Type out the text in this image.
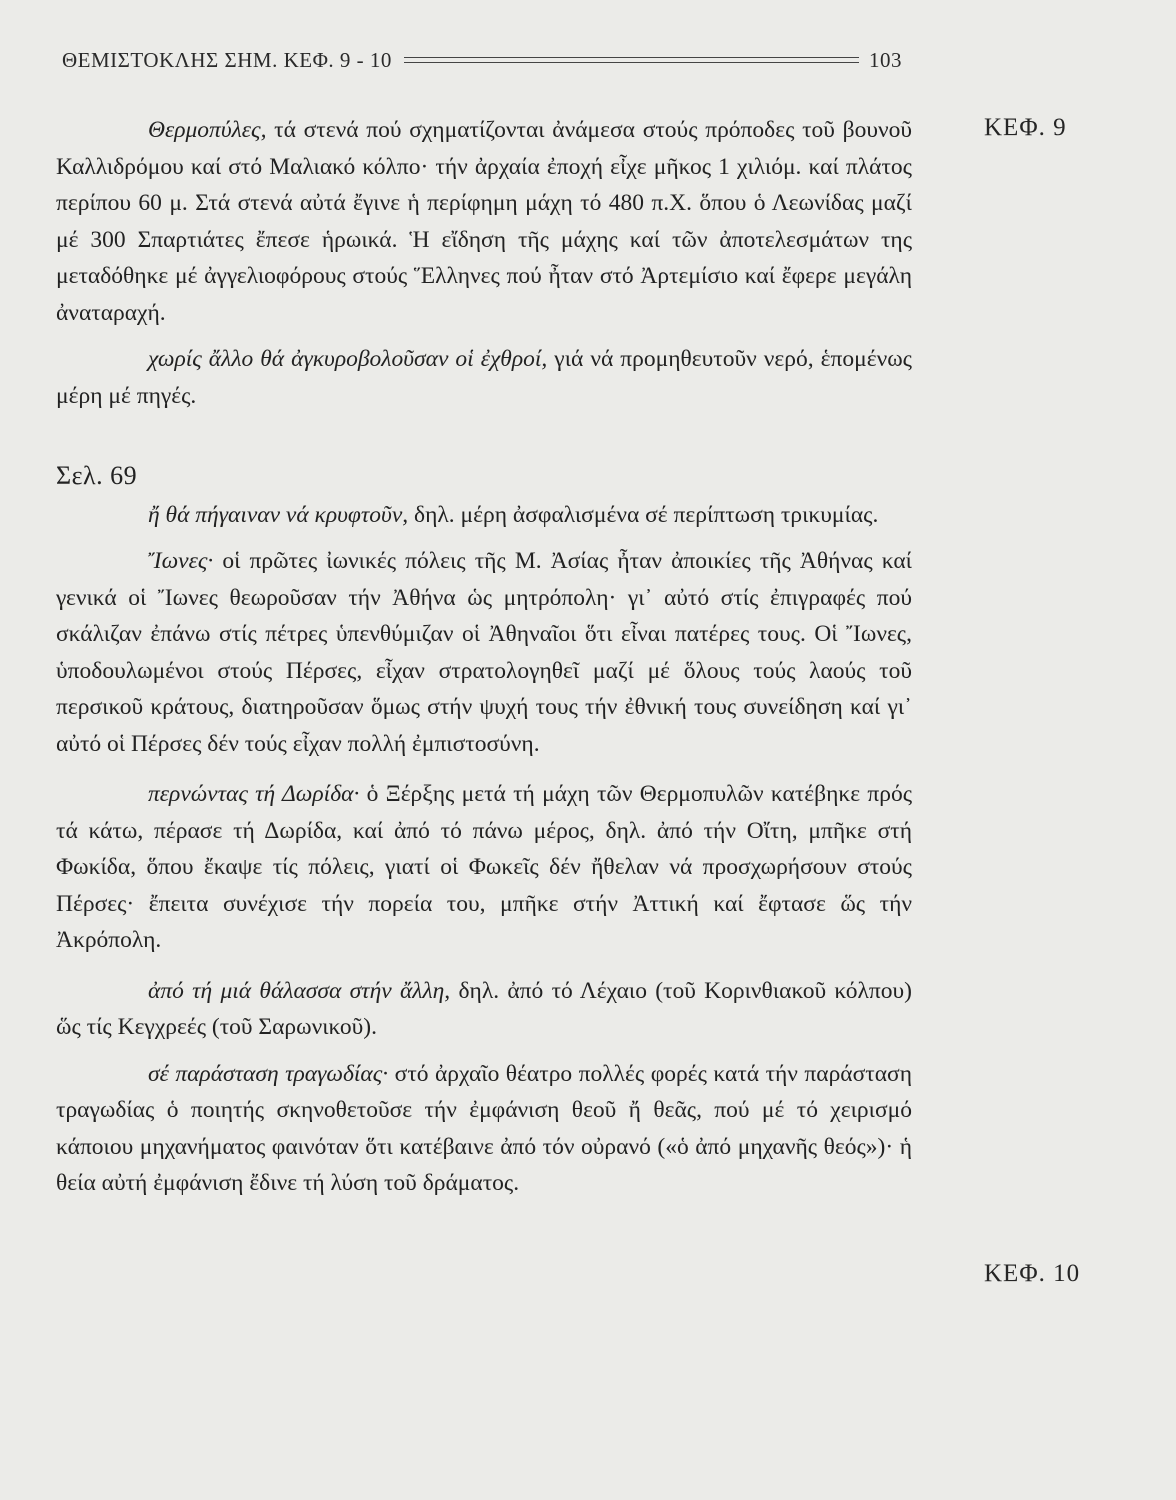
ΘΕΜΙΣΤΟΚΛΗΣ ΣΗΜ. ΚΕΦ. 9 - 10	103
ΚΕΦ. 9
ΚΕΦ. 10

Θερμοπύλες, τά στενά πού σχηματίζονται ἀνάμεσα στούς πρόποδες τοῦ βουνοῦ Καλλιδρόμου καί στό Μαλιακό κόλπο· τήν ἀρχαία ἐποχή εἶχε μῆκος 1 χιλιόμ. καί πλάτος περίπου 60 μ. Στά στενά αὐτά ἔγινε ἡ περίφημη μάχη τό 480 π.Χ. ὅπου ὁ Λεωνίδας μαζί μέ 300 Σπαρτιάτες ἔπεσε ἡρωικά. Ἡ εἴδηση τῆς μάχης καί τῶν ἀποτελεσμάτων της μεταδόθηκε μέ ἀγγελιοφόρους στούς Ἕλληνες πού ἦταν στό Ἀρτεμίσιο καί ἔφερε μεγάλη ἀναταραχή.

χωρίς ἄλλο θά ἀγκυροβολοῦσαν οἱ ἐχθροί, γιά νά προμηθευτοῦν νερό, ἑπομένως μέρη μέ πηγές.

Σελ. 69

ἤ θά πήγαιναν νά κρυφτοῦν, δηλ. μέρη ἀσφαλισμένα σέ περίπτωση τρικυμίας.

Ἴωνες· οἱ πρῶτες ἰωνικές πόλεις τῆς Μ. Ἀσίας ἦταν ἀποικίες τῆς Ἀθήνας καί γενικά οἱ Ἴωνες θεωροῦσαν τήν Ἀθήνα ὡς μητρόπολη· γι᾿ αὐτό στίς ἐπιγραφές πού σκάλιζαν ἐπάνω στίς πέτρες ὑπενθύμιζαν οἱ Ἀθηναῖοι ὅτι εἶναι πατέρες τους. Οἱ Ἴωνες, ὑποδουλωμένοι στούς Πέρσες, εἶχαν στρατολογηθεῖ μαζί μέ ὅλους τούς λαούς τοῦ περσικοῦ κράτους, διατηροῦσαν ὅμως στήν ψυχή τους τήν ἐθνική τους συνείδηση καί γι᾿ αὐτό οἱ Πέρσες δέν τούς εἶχαν πολλή ἐμπιστοσύνη.

περνώντας τή Δωρίδα· ὁ Ξέρξης μετά τή μάχη τῶν Θερμοπυλῶν κατέβηκε πρός τά κάτω, πέρασε τή Δωρίδα, καί ἀπό τό πάνω μέρος, δηλ. ἀπό τήν Οἴτη, μπῆκε στή Φωκίδα, ὅπου ἔκαψε τίς πόλεις, γιατί οἱ Φωκεῖς δέν ἤθελαν νά προσχωρήσουν στούς Πέρσες· ἔπειτα συνέχισε τήν πορεία του, μπῆκε στήν Ἀττική καί ἔφτασε ὥς τήν Ἀκρόπολη.

ἀπό τή μιά θάλασσα στήν ἄλλη, δηλ. ἀπό τό Λέχαιο (τοῦ Κορινθιακοῦ κόλπου) ὥς τίς Κεγχρεές (τοῦ Σαρωνικοῦ).

σέ παράσταση τραγωδίας· στό ἀρχαῖο θέατρο πολλές φορές κατά τήν παράσταση τραγωδίας ὁ ποιητής σκηνοθετοῦσε τήν ἐμφάνιση θεοῦ ἤ θεᾶς, πού μέ τό χειρισμό κάποιου μηχανήματος φαινόταν ὅτι κατέβαινε ἀπό τόν οὐρανό («ὁ ἀπό μηχανῆς θεός»)· ἡ θεία αὐτή ἐμφάνιση ἔδινε τή λύση τοῦ δράματος.
